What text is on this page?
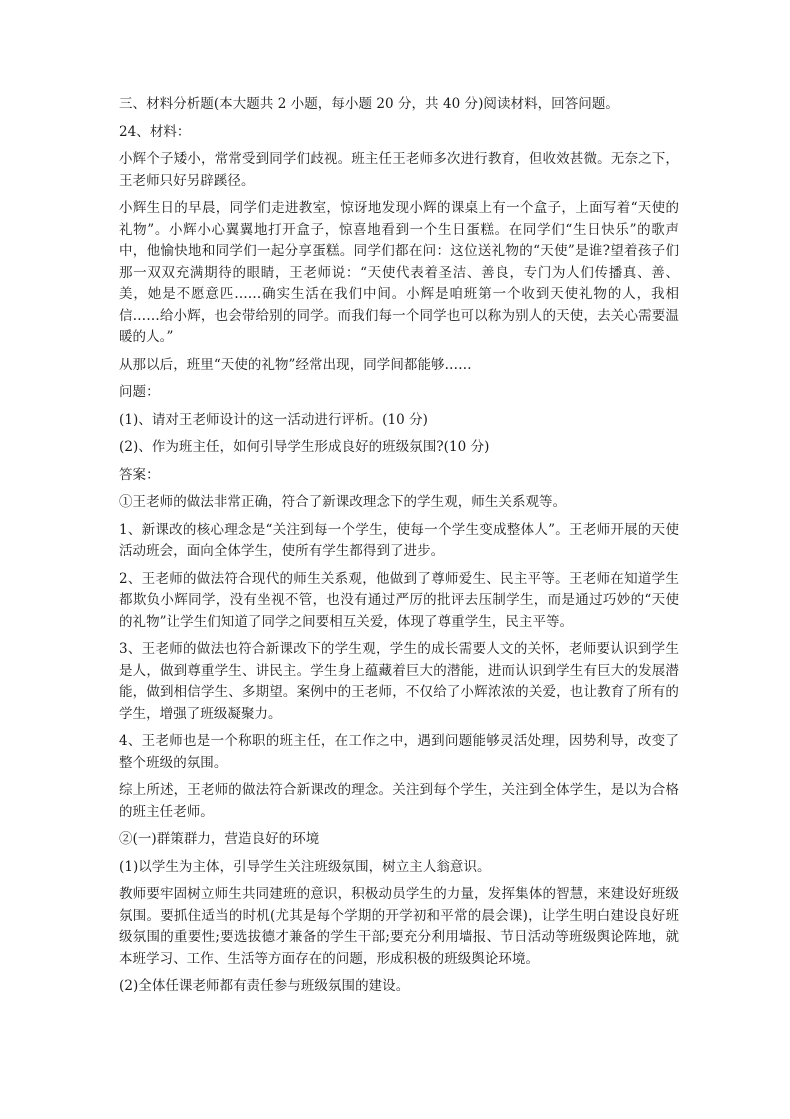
三、材料分析题(本大题共 2 小题，每小题 20 分，共 40 分)阅读材料，回答问题。

24、材料：

小辉个子矮小，常常受到同学们歧视。班主任王老师多次进行教育，但收效甚微。无奈之下，王老师只好另辟蹊径。

小辉生日的早晨，同学们走进教室，惊讶地发现小辉的课桌上有一个盒子，上面写着“天使的礼物”。小辉小心翼翼地打开盒子，惊喜地看到一个生日蛋糕。在同学们“生日快乐”的歌声中，他愉快地和同学们一起分享蛋糕。同学们都在问：这位送礼物的“天使”是谁?望着孩子们那一双双充满期待的眼睛，王老师说：“天使代表着圣洁、善良，专门为人们传播真、善、美，她是不愿意匹……确实生活在我们中间。小辉是咱班第一个收到天使礼物的人，我相信……给小辉，也会带给别的同学。而我们每一个同学也可以称为别人的天使，去关心需要温暖的人。”

从那以后，班里“天使的礼物”经常出现，同学间都能够……

问题：

(1)、请对王老师设计的这一活动进行评析。(10 分)

(2)、作为班主任，如何引导学生形成良好的班级氛围?(10 分)

答案：

①王老师的做法非常正确，符合了新课改理念下的学生观，师生关系观等。

1、新课改的核心理念是“关注到每一个学生，使每一个学生变成整体人”。王老师开展的天使活动班会，面向全体学生，使所有学生都得到了进步。

2、王老师的做法符合现代的师生关系观，他做到了尊师爱生、民主平等。王老师在知道学生都欺负小辉同学，没有坐视不管，也没有通过严厉的批评去压制学生，而是通过巧妙的“天使的礼物”让学生们知道了同学之间要相互关爱，体现了尊重学生，民主平等。

3、王老师的做法也符合新课改下的学生观，学生的成长需要人文的关怀，老师要认识到学生是人，做到尊重学生、讲民主。学生身上蕴藏着巨大的潜能，进而认识到学生有巨大的发展潜能，做到相信学生、多期望。案例中的王老师，不仅给了小辉浓浓的关爱，也让教育了所有的学生，增强了班级凝聚力。

4、王老师也是一个称职的班主任，在工作之中，遇到问题能够灵活处理，因势利导，改变了整个班级的氛围。

综上所述，王老师的做法符合新课改的理念。关注到每个学生，关注到全体学生，是以为合格的班主任老师。

②(一)群策群力，营造良好的环境

(1)以学生为主体，引导学生关注班级氛围，树立主人翁意识。

教师要牢固树立师生共同建班的意识，积极动员学生的力量，发挥集体的智慧，来建设好班级氛围。要抓住适当的时机(尤其是每个学期的开学初和平常的晨会课)，让学生明白建设良好班级氛围的重要性;要选拔德才兼备的学生干部;要充分利用墙报、节日活动等班级舆论阵地，就本班学习、工作、生活等方面存在的问题，形成积极的班级舆论环境。

(2)全体任课老师都有责任参与班级氛围的建设。
